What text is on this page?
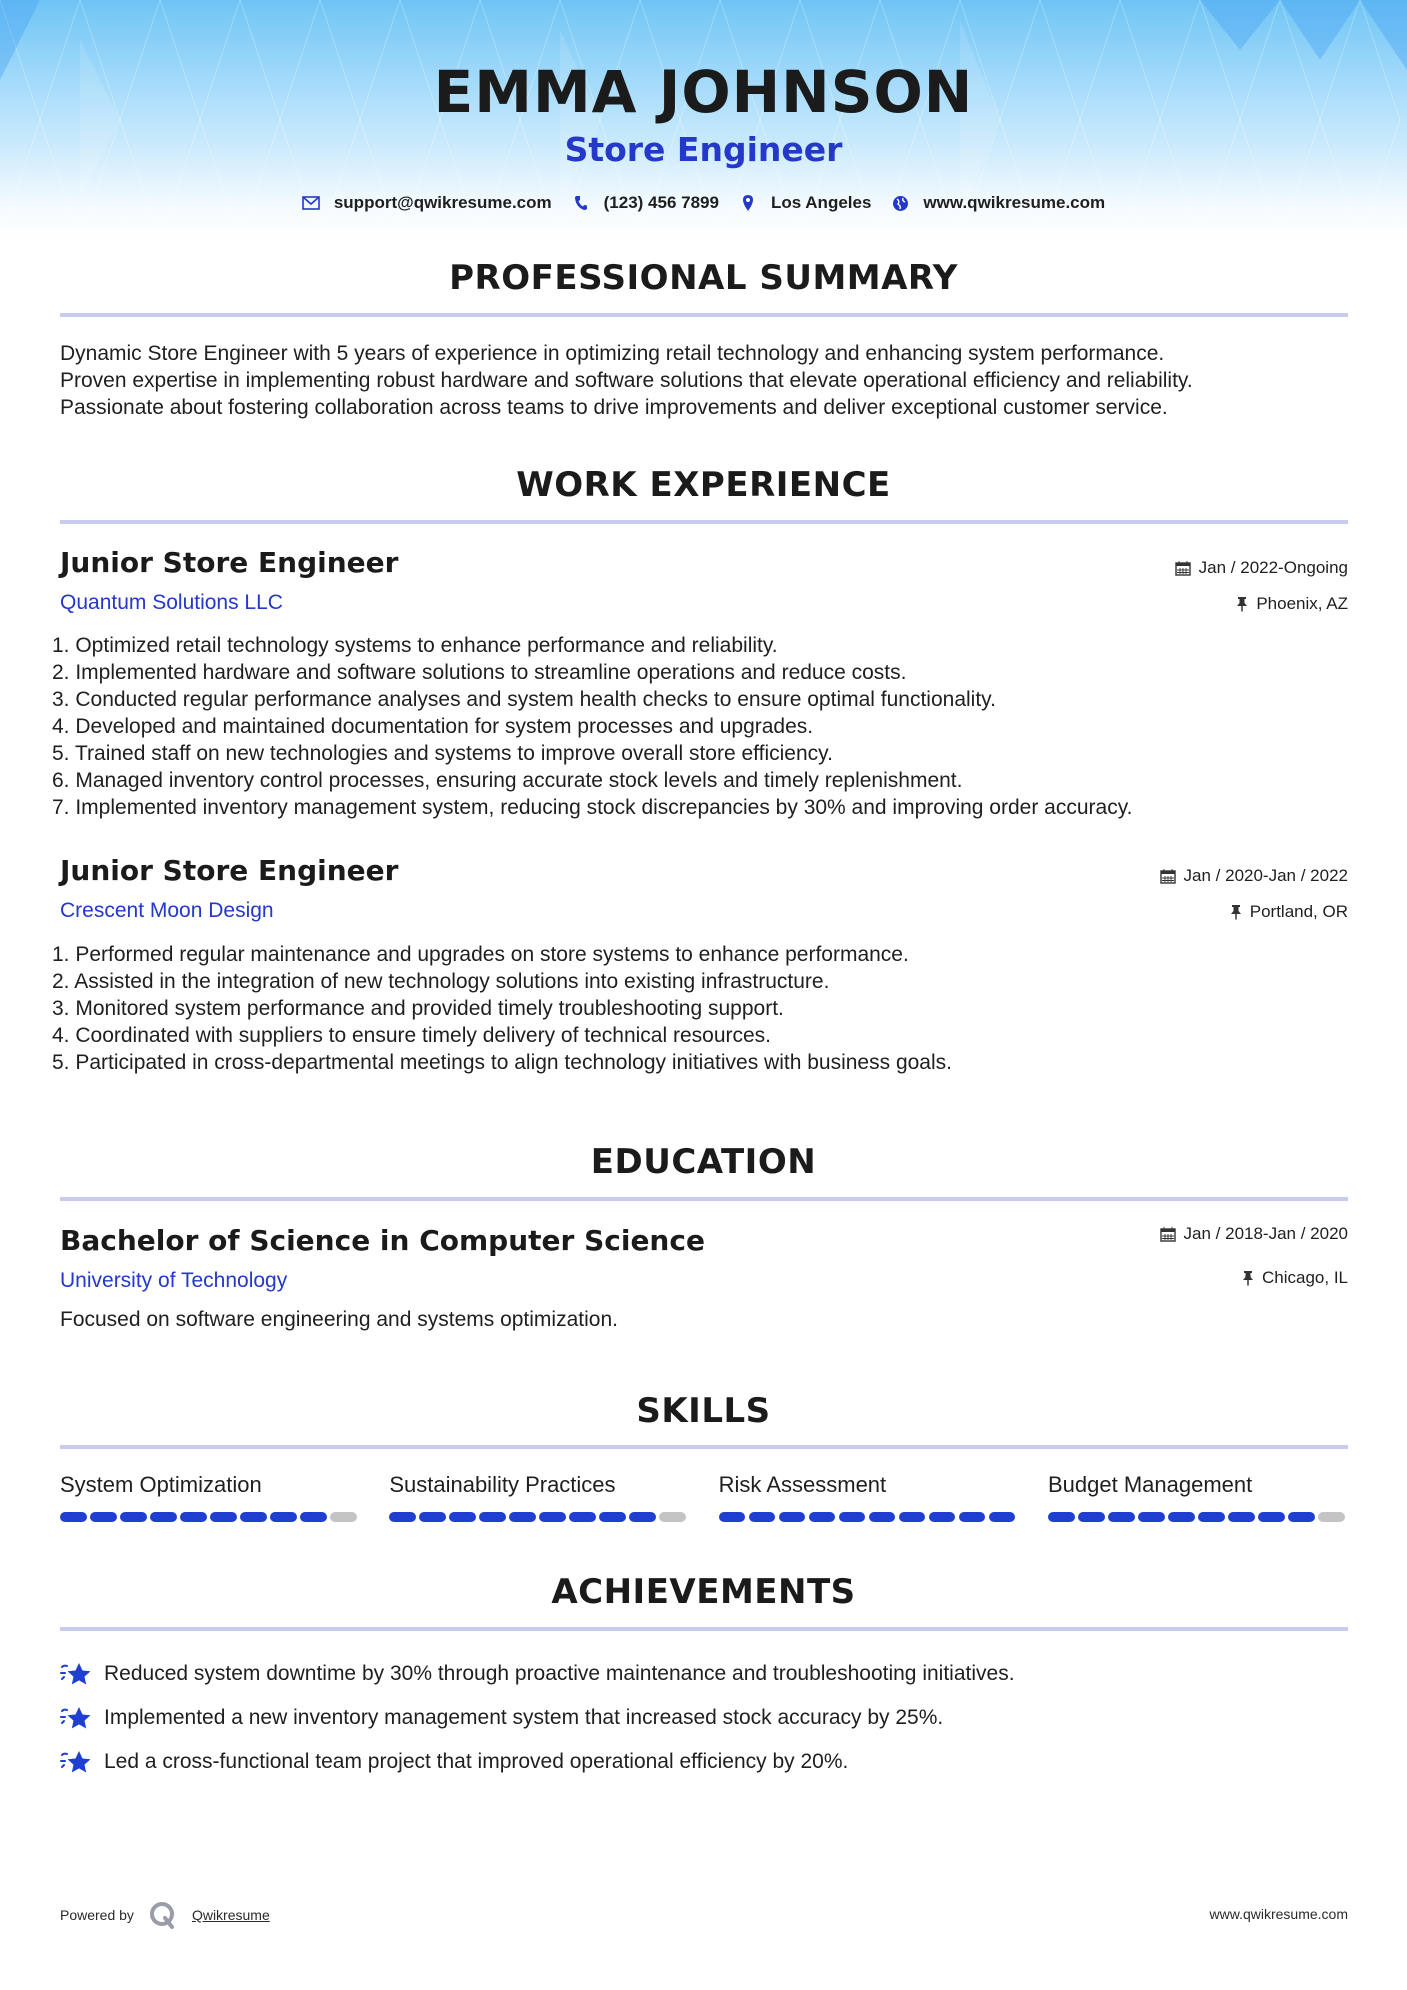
EMMA JOHNSON
Store Engineer
support@qwikresume.com	(123) 456 7899	Los Angeles	www.qwikresume.com
PROFESSIONAL SUMMARY
Dynamic Store Engineer with 5 years of experience in optimizing retail technology and enhancing system performance.
Proven expertise in implementing robust hardware and software solutions that elevate operational efficiency and reliability.
Passionate about fostering collaboration across teams to drive improvements and deliver exceptional customer service.
WORK EXPERIENCE
Junior Store Engineer
Quantum Solutions LLC
Jan / 2022-Ongoing
Phoenix, AZ
1. Optimized retail technology systems to enhance performance and reliability.
2. Implemented hardware and software solutions to streamline operations and reduce costs.
3. Conducted regular performance analyses and system health checks to ensure optimal functionality.
4. Developed and maintained documentation for system processes and upgrades.
5. Trained staff on new technologies and systems to improve overall store efficiency.
6. Managed inventory control processes, ensuring accurate stock levels and timely replenishment.
7. Implemented inventory management system, reducing stock discrepancies by 30% and improving order accuracy.
Junior Store Engineer
Crescent Moon Design
Jan / 2020-Jan / 2022
Portland, OR
1. Performed regular maintenance and upgrades on store systems to enhance performance.
2. Assisted in the integration of new technology solutions into existing infrastructure.
3. Monitored system performance and provided timely troubleshooting support.
4. Coordinated with suppliers to ensure timely delivery of technical resources.
5. Participated in cross-departmental meetings to align technology initiatives with business goals.
EDUCATION
Bachelor of Science in Computer Science
University of Technology
Jan / 2018-Jan / 2020
Chicago, IL
Focused on software engineering and systems optimization.
SKILLS
System Optimization	Sustainability Practices	Risk Assessment	Budget Management
ACHIEVEMENTS
Reduced system downtime by 30% through proactive maintenance and troubleshooting initiatives.
Implemented a new inventory management system that increased stock accuracy by 25%.
Led a cross-functional team project that improved operational efficiency by 20%.
Powered by	Qwikresume	www.qwikresume.com
